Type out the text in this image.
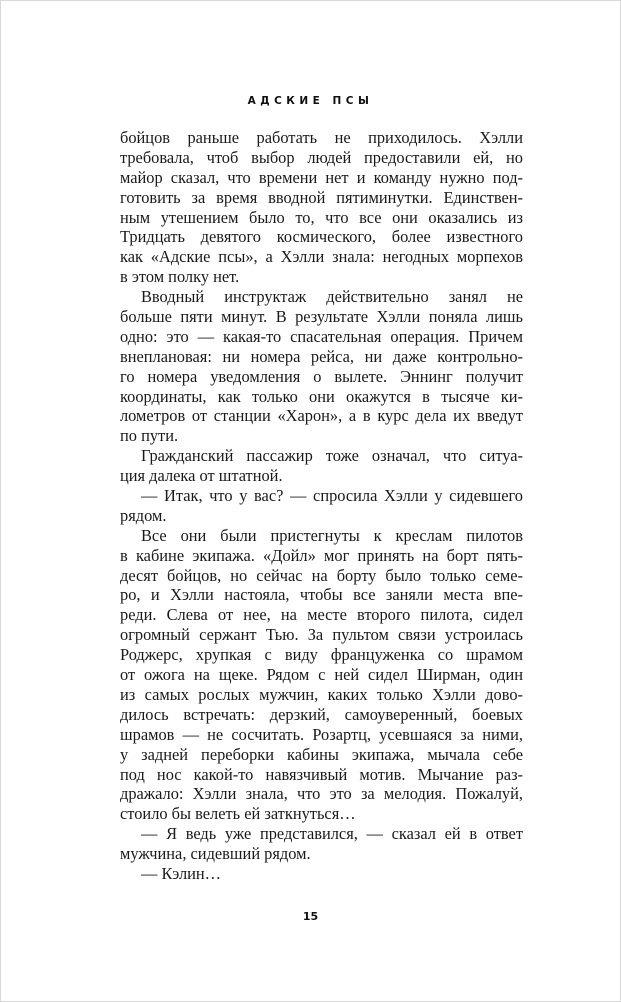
АДСКИЕ ПСЫ
бойцов раньше работать не приходилось. Хэлли
требовала, чтоб выбор людей предоставили ей, но
майор сказал, что времени нет и команду нужно под-
готовить за время вводной пятиминутки. Единствен-
ным утешением было то, что все они оказались из
Тридцать девятого космического, более известного
как «Адские псы», а Хэлли знала: негодных морпехов
в этом полку нет.
Вводный инструктаж действительно занял не
больше пяти минут. В результате Хэлли поняла лишь
одно: это — какая-то спасательная операция. Причем
внеплановая: ни номера рейса, ни даже контрольно-
го номера уведомления о вылете. Эннинг получит
координаты, как только они окажутся в тысяче ки-
лометров от станции «Харон», а в курс дела их введут
по пути.
Гражданский пассажир тоже означал, что ситуа-
ция далека от штатной.
— Итак, что у вас? — спросила Хэлли у сидевшего
рядом.
Все они были пристегнуты к креслам пилотов
в кабине экипажа. «Дойл» мог принять на борт пять-
десят бойцов, но сейчас на борту было только семе-
ро, и Хэлли настояла, чтобы все заняли места впе-
реди. Слева от нее, на месте второго пилота, сидел
огромный сержант Тью. За пультом связи устроилась
Роджерс, хрупкая с виду француженка со шрамом
от ожога на щеке. Рядом с ней сидел Ширман, один
из самых рослых мужчин, каких только Хэлли дово-
дилось встречать: дерзкий, самоуверенный, боевых
шрамов — не сосчитать. Розартц, усевшаяся за ними,
у задней переборки кабины экипажа, мычала себе
под нос какой-то навязчивый мотив. Мычание раз-
дражало: Хэлли знала, что это за мелодия. Пожалуй,
стоило бы велеть ей заткнуться…
— Я ведь уже представился, — сказал ей в ответ
мужчина, сидевший рядом.
— Кэлин…
15
